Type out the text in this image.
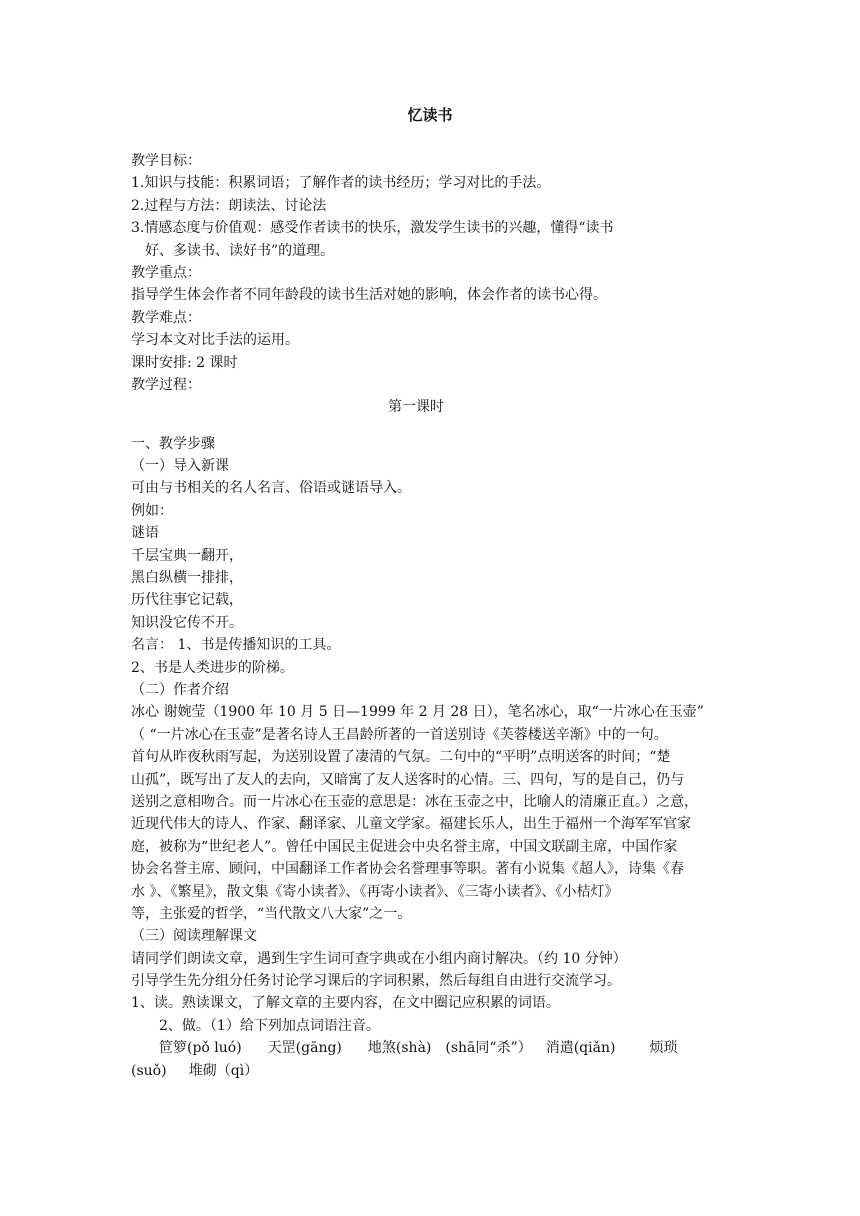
忆读书
教学目标：
1.知识与技能：积累词语；了解作者的读书经历；学习对比的手法。
2.过程与方法：朗读法、讨论法
3.情感态度与价值观：感受作者读书的快乐，激发学生读书的兴趣，懂得“读书
好、多读书、读好书”的道理。
教学重点：
指导学生体会作者不同年龄段的读书生活对她的影响，体会作者的读书心得。
教学难点：
学习本文对比手法的运用。
课时安排: 2 课时
教学过程：
第一课时
一、教学步骤
（一）导入新课
可由与书相关的名人名言、俗语或谜语导入。
例如：
谜语
千层宝典一翻开，
黑白纵横一排排，
历代往事它记载，
知识没它传不开。
名言： 1、书是传播知识的工具。
2、书是人类进步的阶梯。
（二）作者介绍
冰心 谢婉莹（1900 年 10 月 5 日—1999 年 2 月 28 日），笔名冰心，取“一片冰心在玉壶”
（ “一片冰心在玉壶”是著名诗人王昌龄所著的一首送别诗《芙蓉楼送辛渐》中的一句。
首句从昨夜秋雨写起，为送别设置了凄清的气氛。二句中的“平明”点明送客的时间；“楚
山孤”，既写出了友人的去向，又暗寓了友人送客时的心情。三、四句，写的是自己，仍与
送别之意相吻合。而一片冰心在玉壶的意思是：冰在玉壶之中，比喻人的清廉正直。）之意，
近现代伟大的诗人、作家、翻译家、儿童文学家。福建长乐人，出生于福州一个海军军官家
庭，被称为“世纪老人”。曾任中国民主促进会中央名誉主席，中国文联副主席，中国作家
协会名誉主席、顾问，中国翻译工作者协会名誉理事等职。著有小说集《超人》，诗集《春
水 》、《繁星》，散文集《寄小读者》、《再寄小读者》、《三寄小读者》、《小桔灯》
等，主张爱的哲学，“当代散文八大家”之一。
（三）阅读理解课文
请同学们朗读文章，遇到生字生词可查字典或在小组内商讨解决。（约 10 分钟）
引导学生先分组分任务讨论学习课后的字词积累，然后每组自由进行交流学习。
1、读。熟读课文，了解文章的主要内容，在文中圈记应积累的词语。
2、做。（1）给下列加点词语注音。
笸箩(pǒ luó) 天罡(gāng) 地煞(shà) (shā同“杀”） 消遣(qiǎn) 烦琐
(suǒ)     堆砌（qì）
